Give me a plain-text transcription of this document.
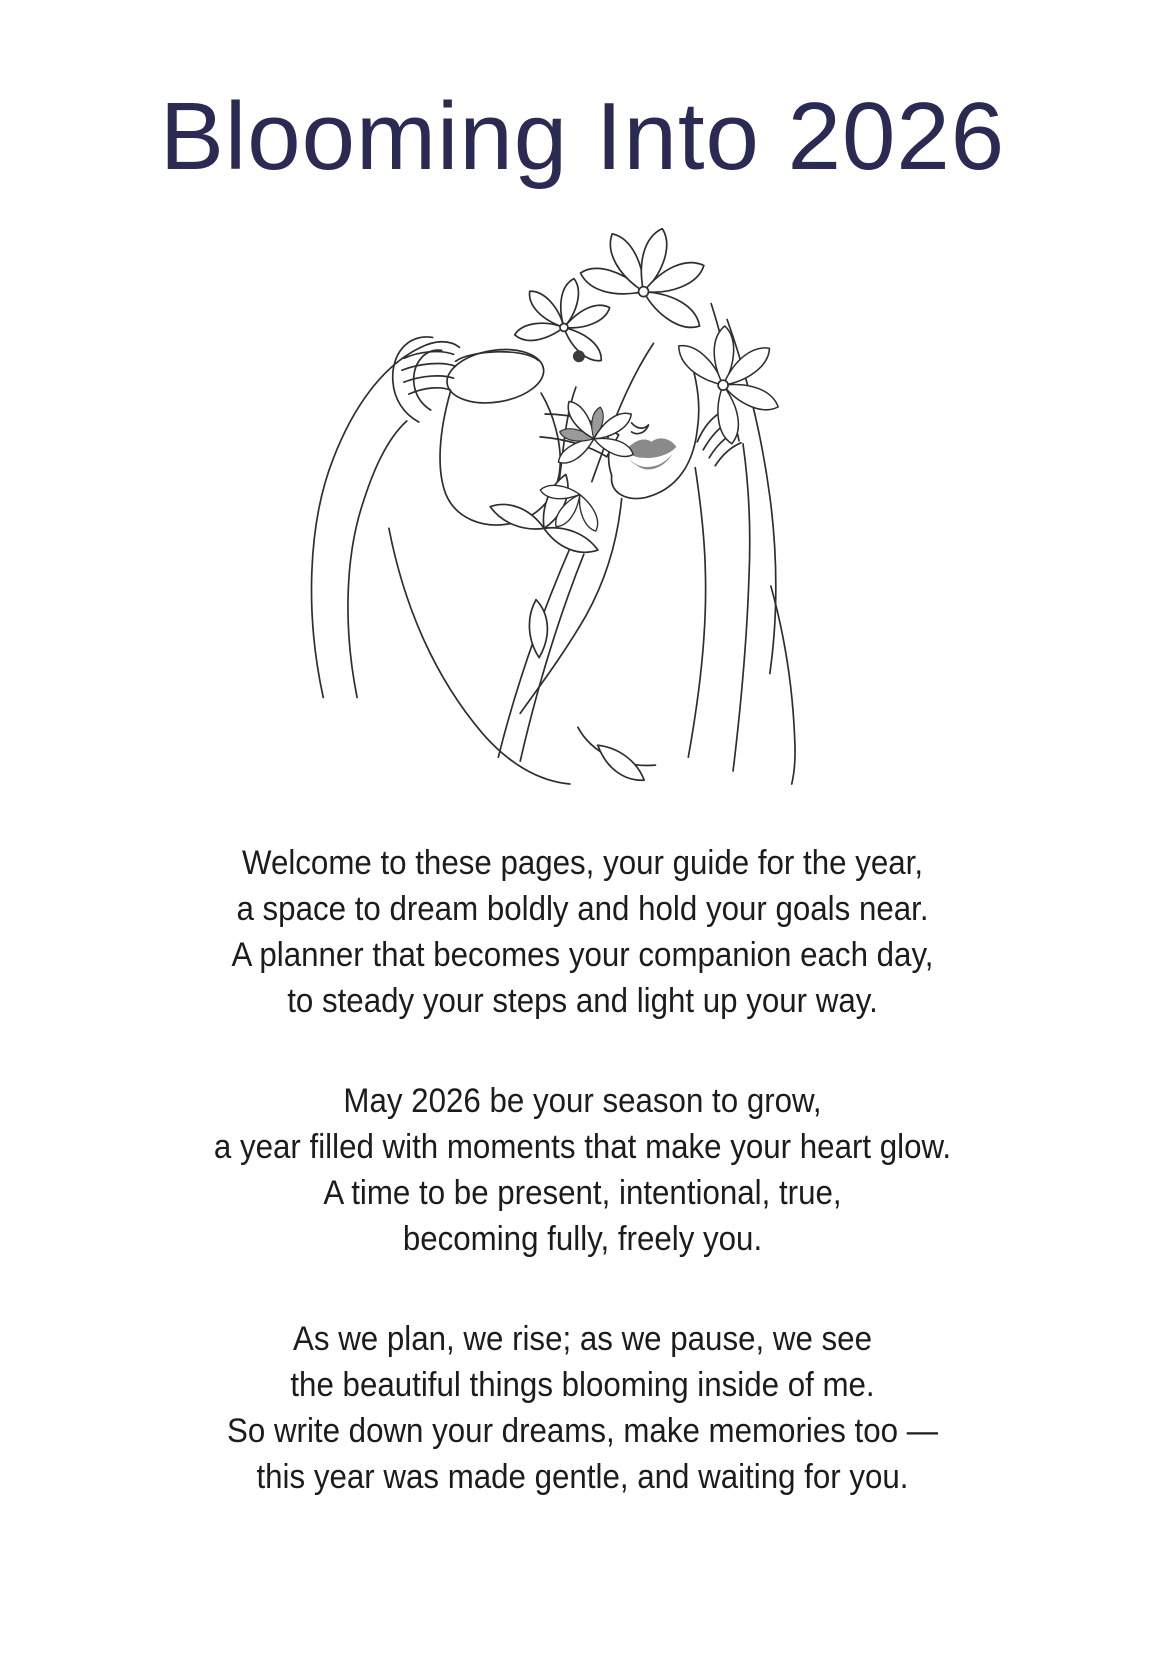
Blooming Into 2026
Welcome to these pages, your guide for the year,
a space to dream boldly and hold your goals near.
A planner that becomes your companion each day,
to steady your steps and light up your way.
May 2026 be your season to grow,
a year filled with moments that make your heart glow.
A time to be present, intentional, true,
becoming fully, freely you.
As we plan, we rise; as we pause, we see
the beautiful things blooming inside of me.
So write down your dreams, make memories too —
this year was made gentle, and waiting for you.
